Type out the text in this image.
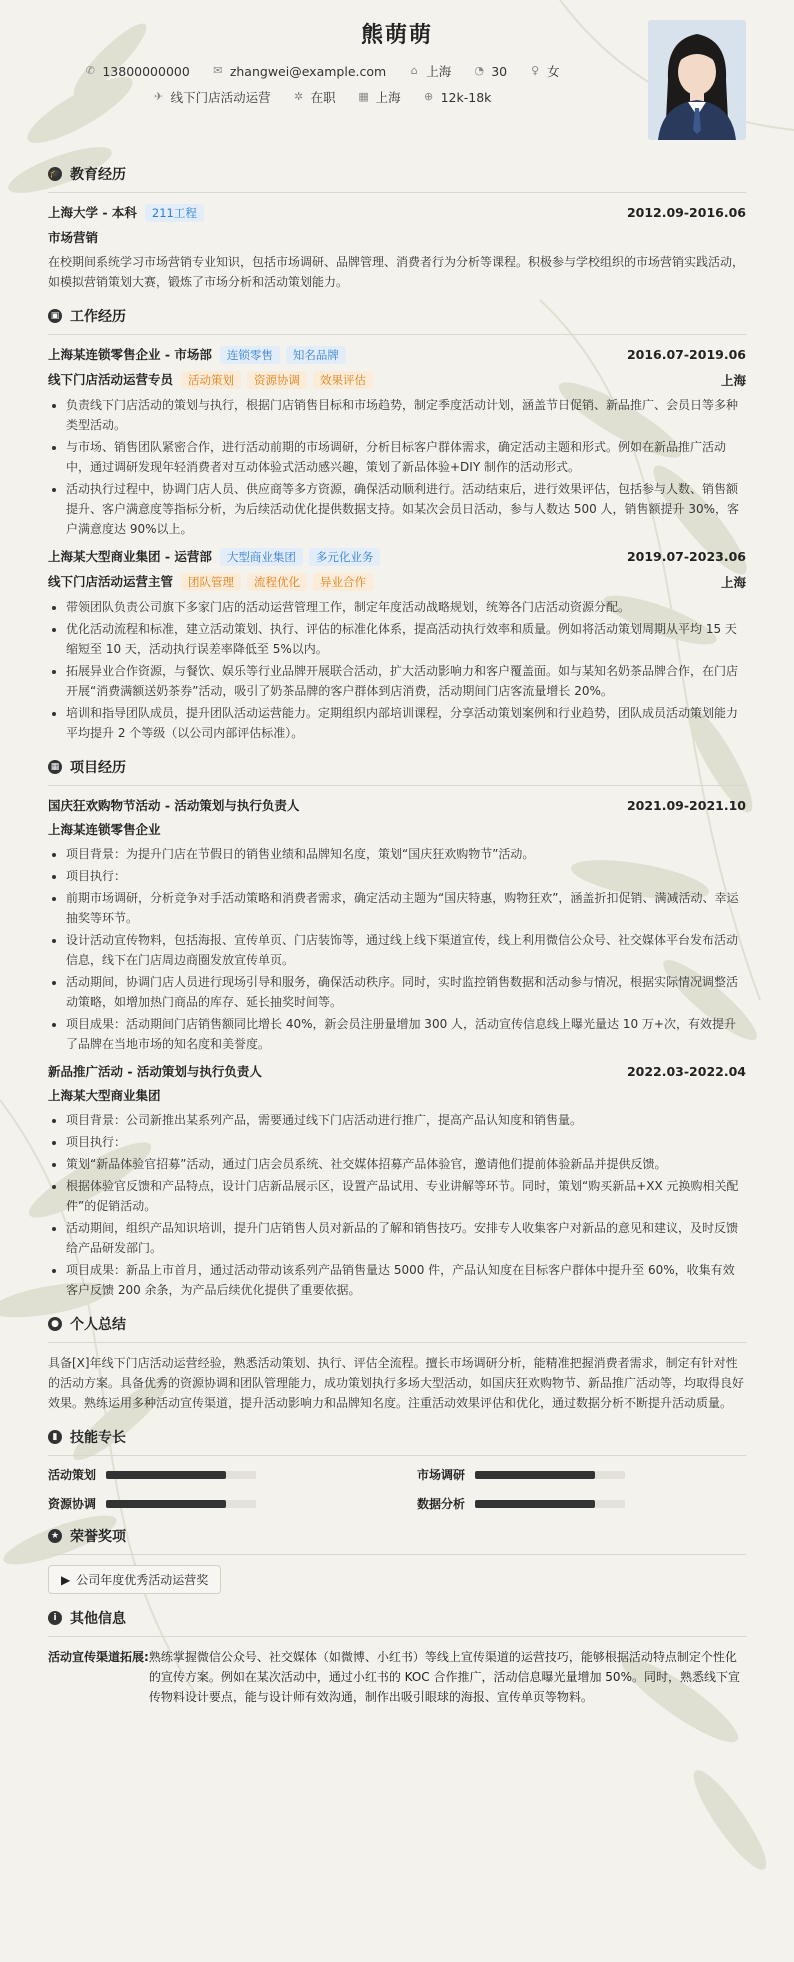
熊萌萌
✆ 13800000000 ✉ zhangwei@example.com ⌂ 上海 ◔ 30 ♀ 女
✈ 线下门店活动运营 ✲ 在职 ▦ 上海 ⊕ 12k-18k
🎓 教育经历
上海大学 - 本科	211工程	2012.09-2016.06
市场营销
在校期间系统学习市场营销专业知识，包括市场调研、品牌管理、消费者行为分析等课程。积极参与学校组织的市场营销实践活动，如模拟营销策划大赛，锻炼了市场分析和活动策划能力。
▣ 工作经历
上海某连锁零售企业 - 市场部	连锁零售	知名品牌	2016.07-2019.06
线下门店活动运营专员	活动策划	资源协调	效果评估	上海
• 负责线下门店活动的策划与执行，根据门店销售目标和市场趋势，制定季度活动计划，涵盖节日促销、新品推广、会员日等多种类型活动。
• 与市场、销售团队紧密合作，进行活动前期的市场调研，分析目标客户群体需求，确定活动主题和形式。例如在新品推广活动中，通过调研发现年轻消费者对互动体验式活动感兴趣，策划了新品体验+DIY 制作的活动形式。
• 活动执行过程中，协调门店人员、供应商等多方资源，确保活动顺利进行。活动结束后，进行效果评估，包括参与人数、销售额提升、客户满意度等指标分析，为后续活动优化提供数据支持。如某次会员日活动，参与人数达 500 人，销售额提升 30%，客户满意度达 90%以上。
上海某大型商业集团 - 运营部	大型商业集团	多元化业务	2019.07-2023.06
线下门店活动运营主管	团队管理	流程优化	异业合作	上海
• 带领团队负责公司旗下多家门店的活动运营管理工作，制定年度活动战略规划，统筹各门店活动资源分配。
• 优化活动流程和标准，建立活动策划、执行、评估的标准化体系，提高活动执行效率和质量。例如将活动策划周期从平均 15 天缩短至 10 天，活动执行误差率降低至 5%以内。
• 拓展异业合作资源，与餐饮、娱乐等行业品牌开展联合活动，扩大活动影响力和客户覆盖面。如与某知名奶茶品牌合作，在门店开展“消费满额送奶茶券”活动，吸引了奶茶品牌的客户群体到店消费，活动期间门店客流量增长 20%。
• 培训和指导团队成员，提升团队活动运营能力。定期组织内部培训课程，分享活动策划案例和行业趋势，团队成员活动策划能力平均提升 2 个等级（以公司内部评估标准）。
▦ 项目经历
国庆狂欢购物节活动 - 活动策划与执行负责人	2021.09-2021.10
上海某连锁零售企业
• 项目背景：为提升门店在节假日的销售业绩和品牌知名度，策划“国庆狂欢购物节”活动。
• 项目执行：
• 前期市场调研，分析竞争对手活动策略和消费者需求，确定活动主题为“国庆特惠，购物狂欢”，涵盖折扣促销、满减活动、幸运抽奖等环节。
• 设计活动宣传物料，包括海报、宣传单页、门店装饰等，通过线上线下渠道宣传，线上利用微信公众号、社交媒体平台发布活动信息，线下在门店周边商圈发放宣传单页。
• 活动期间，协调门店人员进行现场引导和服务，确保活动秩序。同时，实时监控销售数据和活动参与情况，根据实际情况调整活动策略，如增加热门商品的库存、延长抽奖时间等。
• 项目成果：活动期间门店销售额同比增长 40%，新会员注册量增加 300 人，活动宣传信息线上曝光量达 10 万+次，有效提升了品牌在当地市场的知名度和美誉度。
新品推广活动 - 活动策划与执行负责人	2022.03-2022.04
上海某大型商业集团
• 项目背景：公司新推出某系列产品，需要通过线下门店活动进行推广，提高产品认知度和销售量。
• 项目执行：
• 策划“新品体验官招募”活动，通过门店会员系统、社交媒体招募产品体验官，邀请他们提前体验新品并提供反馈。
• 根据体验官反馈和产品特点，设计门店新品展示区，设置产品试用、专业讲解等环节。同时，策划“购买新品+XX 元换购相关配件”的促销活动。
• 活动期间，组织产品知识培训，提升门店销售人员对新品的了解和销售技巧。安排专人收集客户对新品的意见和建议，及时反馈给产品研发部门。
• 项目成果：新品上市首月，通过活动带动该系列产品销售量达 5000 件，产品认知度在目标客户群体中提升至 60%，收集有效客户反馈 200 余条，为产品后续优化提供了重要依据。
● 个人总结
具备[X]年线下门店活动运营经验，熟悉活动策划、执行、评估全流程。擅长市场调研分析，能精准把握消费者需求，制定有针对性的活动方案。具备优秀的资源协调和团队管理能力，成功策划执行多场大型活动，如国庆狂欢购物节、新品推广活动等，均取得良好效果。熟练运用多种活动宣传渠道，提升活动影响力和品牌知名度。注重活动效果评估和优化，通过数据分析不断提升活动质量。
▮ 技能专长
活动策划	市场调研
资源协调	数据分析
★ 荣誉奖项
▶ 公司年度优秀活动运营奖
i 其他信息
活动宣传渠道拓展: 熟练掌握微信公众号、社交媒体（如微博、小红书）等线上宣传渠道的运营技巧，能够根据活动特点制定个性化的宣传方案。例如在某次活动中，通过小红书的 KOC 合作推广，活动信息曝光量增加 50%。同时，熟悉线下宣传物料设计要点，能与设计师有效沟通，制作出吸引眼球的海报、宣传单页等物料。
